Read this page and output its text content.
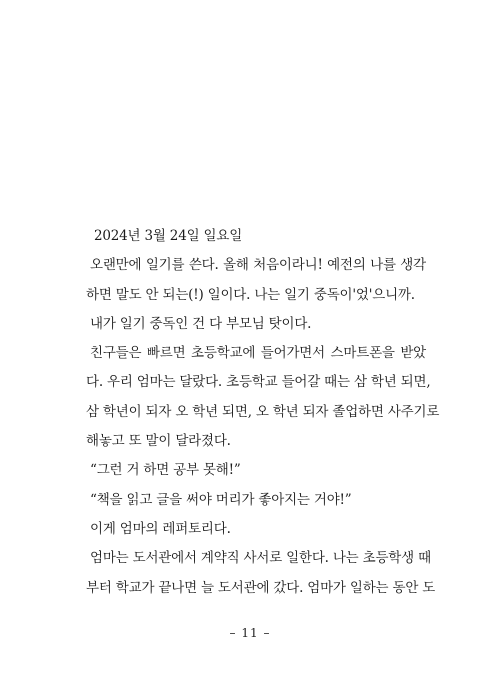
2024년 3월 24일 일요일
오랜만에 일기를 쓴다. 올해 처음이라니! 예전의 나를 생각
하면 말도 안 되는(!) 일이다. 나는 일기 중독이'었'으니까.
내가 일기 중독인 건 다 부모님 탓이다.
친구들은 빠르면 초등학교에 들어가면서 스마트폰을 받았
다. 우리 엄마는 달랐다. 초등학교 들어갈 때는 삼 학년 되면,
삼 학년이 되자 오 학년 되면, 오 학년 되자 졸업하면 사주기로
해놓고 또 말이 달라졌다.
“그런 거 하면 공부 못해!”
“책을 읽고 글을 써야 머리가 좋아지는 거야!”
이게 엄마의 레퍼토리다.
엄마는 도서관에서 계약직 사서로 일한다. 나는 초등학생 때
부터 학교가 끝나면 늘 도서관에 갔다. 엄마가 일하는 동안 도
– 11 –
